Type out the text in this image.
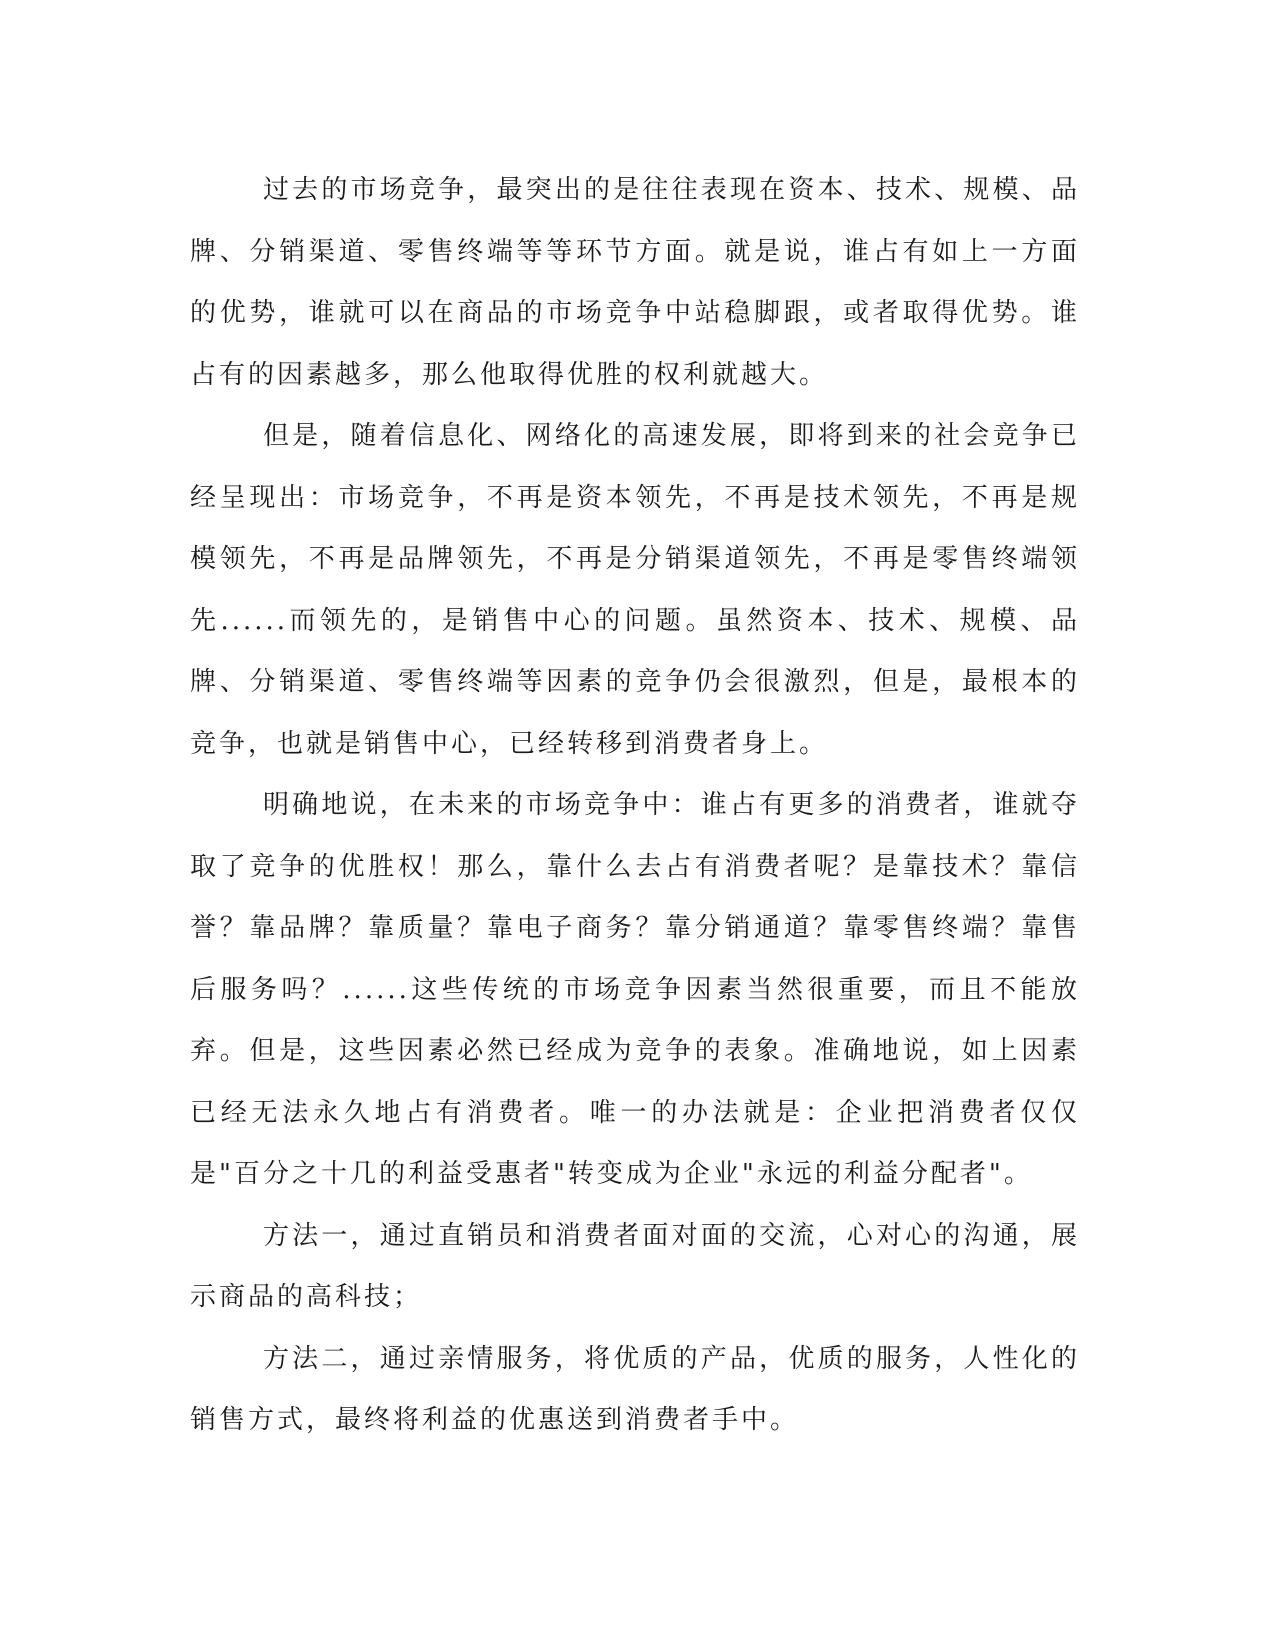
过去的市场竞争，最突出的是往往表现在资本、技术、规模、品牌、分销渠道、零售终端等等环节方面。就是说，谁占有如上一方面的优势，谁就可以在商品的市场竞争中站稳脚跟，或者取得优势。谁占有的因素越多，那么他取得优胜的权利就越大。

但是，随着信息化、网络化的高速发展，即将到来的社会竞争已经呈现出：市场竞争，不再是资本领先，不再是技术领先，不再是规模领先，不再是品牌领先，不再是分销渠道领先，不再是零售终端领先......而领先的，是销售中心的问题。虽然资本、技术、规模、品牌、分销渠道、零售终端等因素的竞争仍会很激烈，但是，最根本的竞争，也就是销售中心，已经转移到消费者身上。

明确地说，在未来的市场竞争中：谁占有更多的消费者，谁就夺取了竞争的优胜权！那么，靠什么去占有消费者呢？是靠技术？靠信誉？靠品牌？靠质量？靠电子商务？靠分销通道？靠零售终端？靠售后服务吗？......这些传统的市场竞争因素当然很重要，而且不能放弃。但是，这些因素必然已经成为竞争的表象。准确地说，如上因素已经无法永久地占有消费者。唯一的办法就是：企业把消费者仅仅是"百分之十几的利益受惠者"转变成为企业"永远的利益分配者"。

方法一，通过直销员和消费者面对面的交流，心对心的沟通，展示商品的高科技；

方法二，通过亲情服务，将优质的产品，优质的服务，人性化的销售方式，最终将利益的优惠送到消费者手中。
